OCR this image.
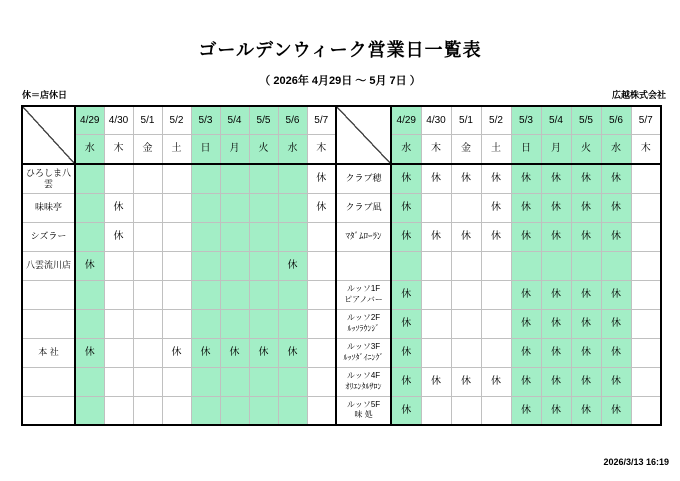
ゴールデンウィーク営業日一覧表
（ 2026年 4月29日 ～ 5月 7日 ）
休＝店休日	広越株式会社
	4/29	4/30	5/1	5/2	5/3	5/4	5/5	5/6	5/7
	水	木	金	土	日	月	火	水	木

ひろしま八雲									休

味味亭		休							休

シズラー		休							

八雲流川店	休							休	

本 社	休			休	休	休	休	休	

	4/29	4/30	5/1	5/2	5/3	5/4	5/5	5/6	5/7
	水	木	金	土	日	月	火	水	木

クラブ穂	休	休	休	休	休	休	休	休	

クラブ凪	休			休	休	休	休	休	

ﾏﾀﾞﾑﾛｰﾗﾝ	休	休	休	休	休	休	休	休	

ルッソ1F
ピアノバー	休				休	休	休	休	

ルッソ2F
ﾙｯｿﾗｳﾝｼﾞ	休				休	休	休	休	

ルッソ3F
ﾙｯｿﾀﾞｲﾆﾝｸﾞ	休				休	休	休	休	

ルッソ4F
ｵﾘｴﾝﾀﾙｻﾛﾝ	休	休	休	休	休	休	休	休	

ルッソ5F
味 処	休				休	休	休	休	
2026/3/13 16:19
